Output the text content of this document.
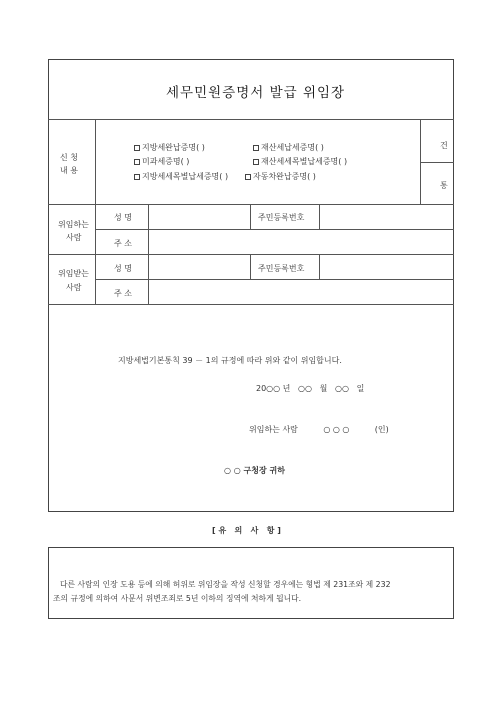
세무민원증명서 발급 위임장
신 청
내 용
지방세완납증명( )	재산세납세증명( )
미과세증명( )	재산세세목별납세증명( )
지방세세목별납세증명( )	자동차완납증명( )
건
통
위임하는
사람
성 명	주민등록번호
주 소
위임받는
사람
성 명	주민등록번호
주 소
지방세법기본통칙 39 － 1의 규정에 따라 위와 같이 위임합니다.
20○○ 년   ○○   월   ○○   일
위임하는 사람          ○ ○ ○          (인)
○ ○ 구청장 귀하
[ 유   의   사   항 ]
다른 사람의 인장 도용 등에 의해 허위로 위임장을 작성 신청할 경우에는 형법 제 231조와 제 232
조의 규정에 의하여 사문서 위변조죄로 5년 이하의 징역에 처하게 됩니다.
